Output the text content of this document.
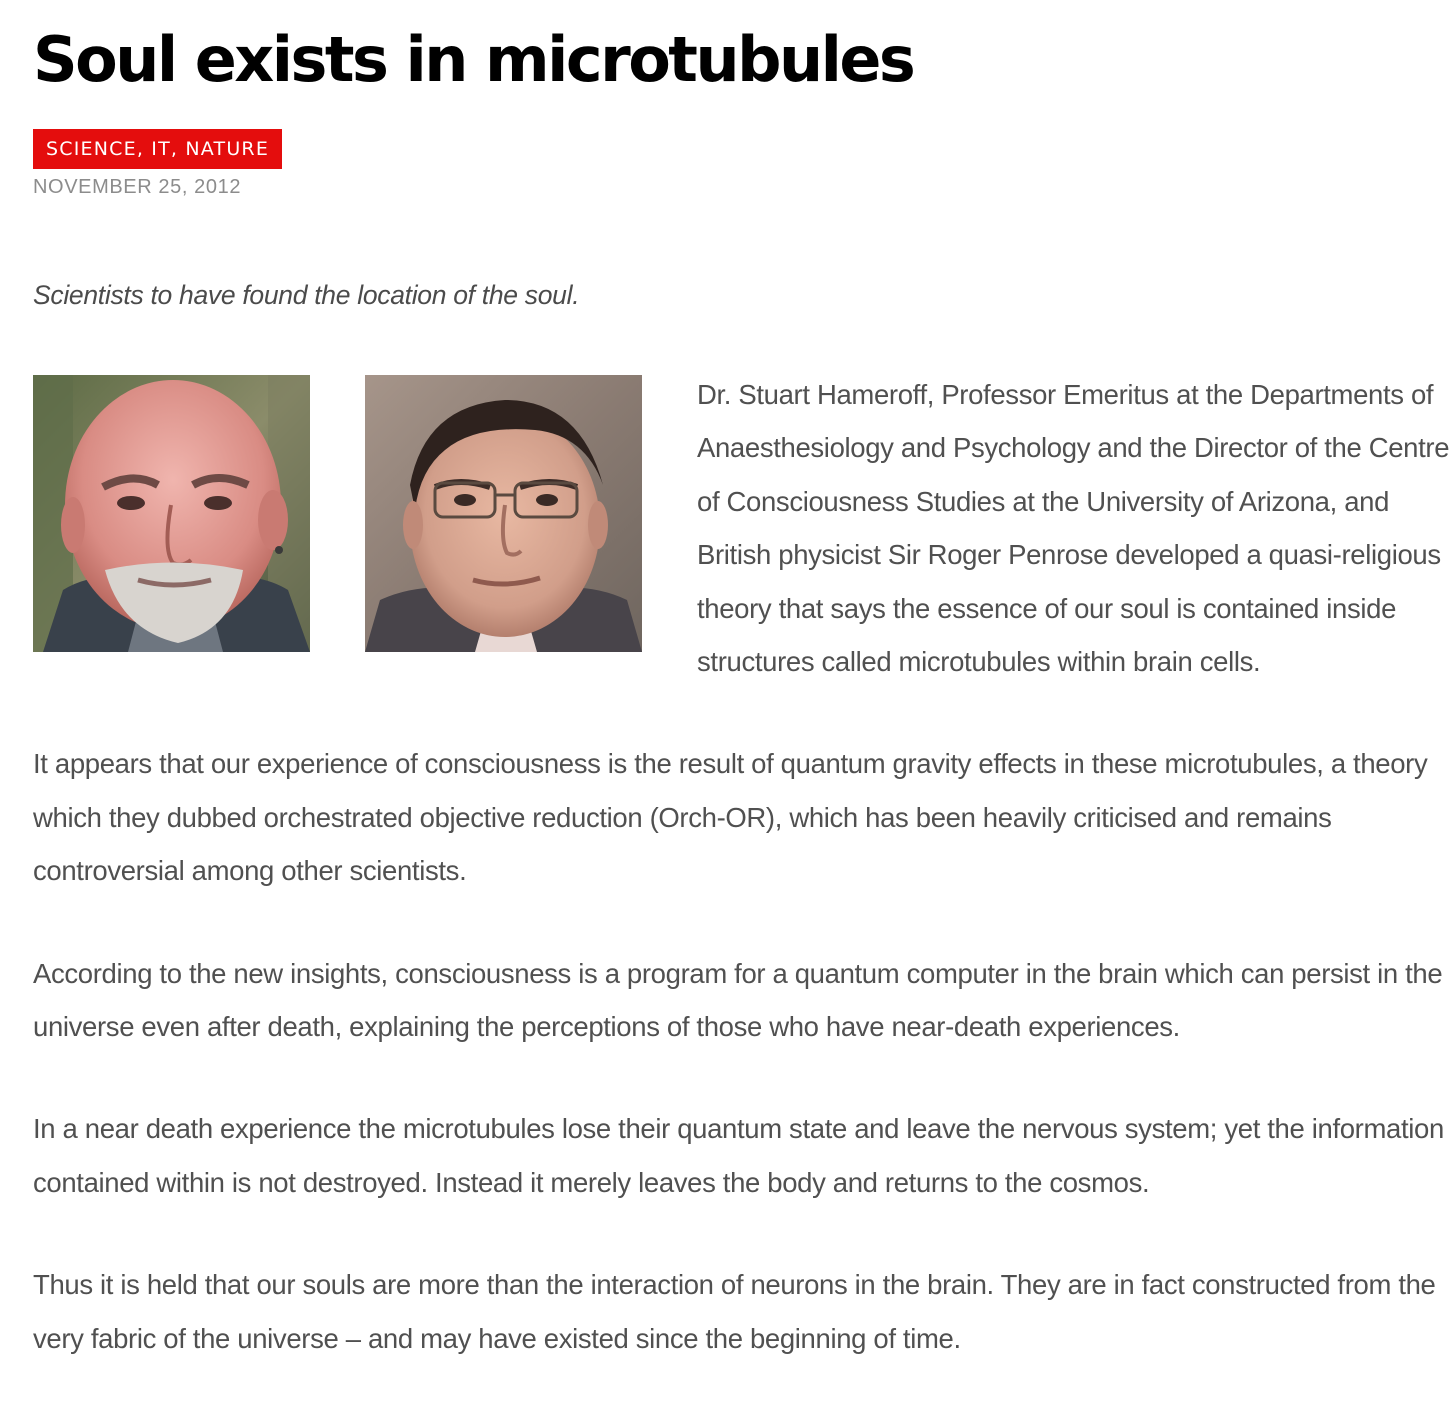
Soul exists in microtubules
SCIENCE, IT, NATURE
NOVEMBER 25, 2012

Scientists to have found the location of the soul.

Dr. Stuart Hameroff, Professor Emeritus at the Departments of Anaesthesiology and Psychology and the Director of the Centre of Consciousness Studies at the University of Arizona, and British physicist Sir Roger Penrose developed a quasi-religious theory that says the essence of our soul is contained inside structures called microtubules within brain cells.

It appears that our experience of consciousness is the result of quantum gravity effects in these microtubules, a theory which they dubbed orchestrated objective reduction (Orch-OR), which has been heavily criticised and remains controversial among other scientists.

According to the new insights, consciousness is a program for a quantum computer in the brain which can persist in the universe even after death, explaining the perceptions of those who have near-death experiences.

In a near death experience the microtubules lose their quantum state and leave the nervous system; yet the information contained within is not destroyed. Instead it merely leaves the body and returns to the cosmos.

Thus it is held that our souls are more than the interaction of neurons in the brain. They are in fact constructed from the very fabric of the universe – and may have existed since the beginning of time.
